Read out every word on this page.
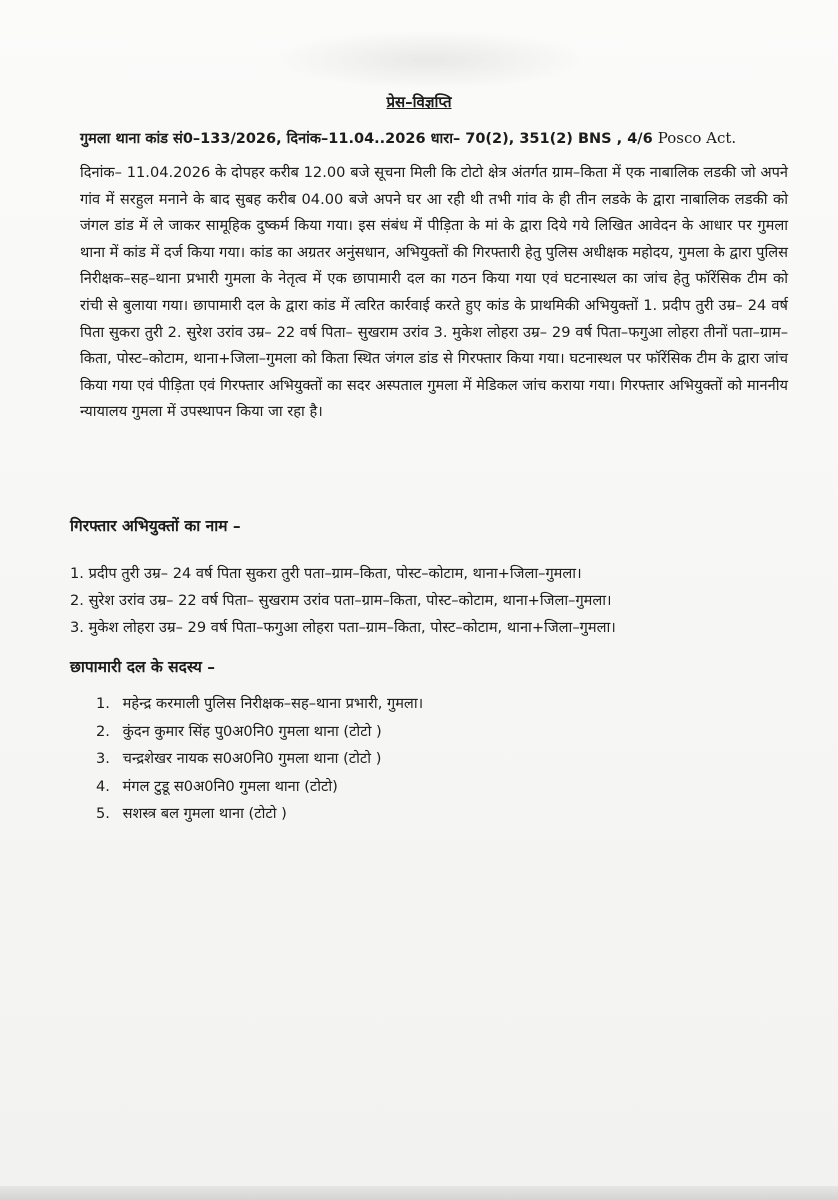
प्रेस–विज्ञप्ति
गुमला थाना कांड सं0–133/2026, दिनांक–11.04..2026 धारा– 70(2), 351(2) BNS , 4/6 Posco Act.
दिनांक– 11.04.2026 के दोपहर करीब 12.00 बजे सूचना मिली कि टोटो क्षेत्र अंतर्गत ग्राम–किता में एक नाबालिक लडकी जो अपने गांव में सरहुल मनाने के बाद सुबह करीब 04.00 बजे अपने घर आ रही थी तभी गांव के ही तीन लडके के द्वारा नाबालिक लडकी को जंगल डांड में ले जाकर सामूहिक दुष्कर्म किया गया। इस संबंध में पीड़िता के मां के द्वारा दिये गये लिखित आवेदन के आधार पर गुमला थाना में कांड में दर्ज किया गया। कांड का अग्रतर अनुंसधान, अभियुक्तों की गिरफ्तारी हेतु पुलिस अधीक्षक महोदय, गुमला के द्वारा पुलिस निरीक्षक–सह–थाना प्रभारी गुमला के नेतृत्व में एक छापामारी दल का गठन किया गया एवं घटनास्थल का जांच हेतु फॉरेंसिक टीम को रांची से बुलाया गया। छापामारी दल के द्वारा कांड में त्वरित कार्रवाई करते हुए कांड के प्राथमिकी अभियुक्तों 1. प्रदीप तुरी उम्र– 24 वर्ष पिता सुकरा तुरी 2. सुरेश उरांव उम्र– 22 वर्ष पिता– सुखराम उरांव 3. मुकेश लोहरा उम्र– 29 वर्ष पिता–फगुआ लोहरा तीनों पता–ग्राम–किता, पोस्ट–कोटाम, थाना+जिला–गुमला को किता स्थित जंगल डांड से गिरफ्तार किया गया। घटनास्थल पर फॉरेंसिक टीम के द्वारा जांच किया गया एवं पीड़िता एवं गिरफ्तार अभियुक्तों का सदर अस्पताल गुमला में मेडिकल जांच कराया गया। गिरफ्तार अभियुक्तों को माननीय न्यायालय गुमला में उपस्थापन किया जा रहा है।
गिरफ्तार अभियुक्तों का नाम –
1. प्रदीप तुरी उम्र– 24 वर्ष पिता सुकरा तुरी पता–ग्राम–किता, पोस्ट–कोटाम, थाना+जिला–गुमला।
2. सुरेश उरांव उम्र– 22 वर्ष पिता– सुखराम उरांव पता–ग्राम–किता, पोस्ट–कोटाम, थाना+जिला–गुमला।
3. मुकेश लोहरा उम्र– 29 वर्ष पिता–फगुआ लोहरा पता–ग्राम–किता, पोस्ट–कोटाम, थाना+जिला–गुमला।
छापामारी दल के सदस्य –
1. महेन्द्र करमाली पुलिस निरीक्षक–सह–थाना प्रभारी, गुमला।
2. कुंदन कुमार सिंह पु0अ0नि0 गुमला थाना (टोटो )
3. चन्द्रशेखर नायक स0अ0नि0 गुमला थाना (टोटो )
4. मंगल टुडू स0अ0नि0 गुमला थाना (टोटो)
5. सशस्त्र बल गुमला थाना (टोटो )
